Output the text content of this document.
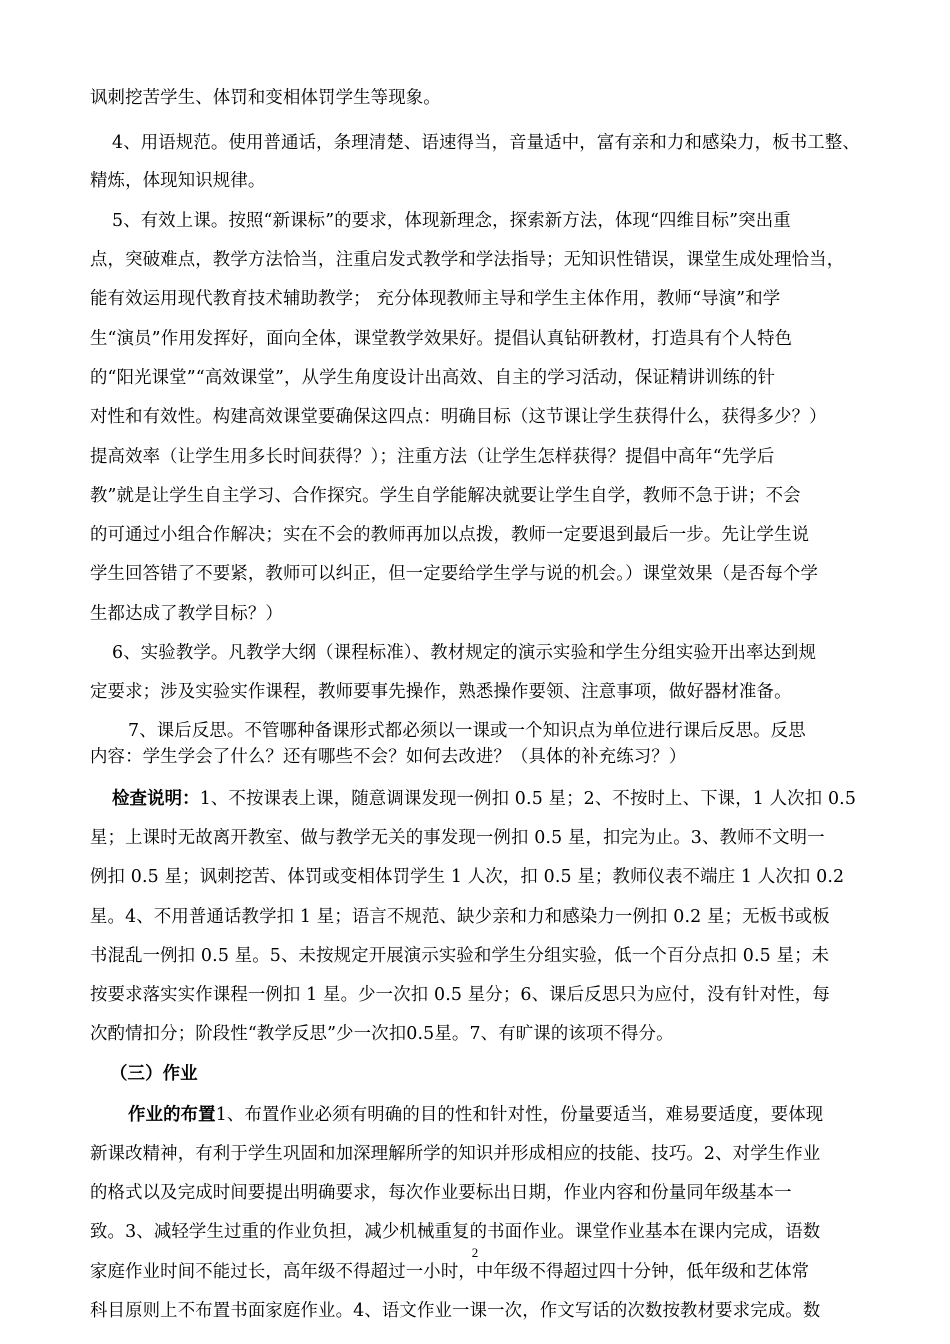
讽刺挖苦学生、体罚和变相体罚学生等现象。
4、用语规范。使用普通话，条理清楚、语速得当，音量适中，富有亲和力和感染力，板书工整、
精炼，体现知识规律。
5、有效上课。按照“新课标”的要求，体现新理念，探索新方法，体现“四维目标”突出重
点，突破难点，教学方法恰当，注重启发式教学和学法指导；无知识性错误，课堂生成处理恰当，
能有效运用现代教育技术辅助教学； 充分体现教师主导和学生主体作用，教师“导演”和学
生“演员”作用发挥好，面向全体，课堂教学效果好。提倡认真钻研教材，打造具有个人特色
的“阳光课堂”“高效课堂”，从学生角度设计出高效、自主的学习活动，保证精讲训练的针
对性和有效性。构建高效课堂要确保这四点：明确目标（这节课让学生获得什么，获得多少？）
提高效率（让学生用多长时间获得？）；注重方法（让学生怎样获得？提倡中高年“先学后
教”就是让学生自主学习、合作探究。学生自学能解决就要让学生自学，教师不急于讲；不会
的可通过小组合作解决；实在不会的教师再加以点拨，教师一定要退到最后一步。先让学生说
学生回答错了不要紧，教师可以纠正，但一定要给学生学与说的机会。）课堂效果（是否每个学
生都达成了教学目标？）
6、实验教学。凡教学大纲（课程标准）、教材规定的演示实验和学生分组实验开出率达到规
定要求；涉及实验实作课程，教师要事先操作，熟悉操作要领、注意事项，做好器材准备。
7、课后反思。不管哪种备课形式都必须以一课或一个知识点为单位进行课后反思。反思
内容：学生学会了什么？还有哪些不会？如何去改进？（具体的补充练习？）
检查说明：1、不按课表上课，随意调课发现一例扣 0.5 星；2、不按时上、下课，1 人次扣 0.5
星；上课时无故离开教室、做与教学无关的事发现一例扣 0.5 星，扣完为止。3、教师不文明一
例扣 0.5 星；讽刺挖苦、体罚或变相体罚学生 1 人次，扣 0.5 星；教师仪表不端庄 1 人次扣 0.2
星。4、不用普通话教学扣 1 星；语言不规范、缺少亲和力和感染力一例扣 0.2 星；无板书或板
书混乱一例扣 0.5 星。5、未按规定开展演示实验和学生分组实验，低一个百分点扣 0.5 星；未
按要求落实实作课程一例扣 1 星。少一次扣 0.5 星分；6、课后反思只为应付，没有针对性，每
次酌情扣分；阶段性“教学反思”少一次扣0.5星。7、有旷课的该项不得分。
（三）作业
作业的布置1、布置作业必须有明确的目的性和针对性，份量要适当，难易要适度，要体现
新课改精神，有利于学生巩固和加深理解所学的知识并形成相应的技能、技巧。2、对学生作业
的格式以及完成时间要提出明确要求，每次作业要标出日期，作业内容和份量同年级基本一
致。3、减轻学生过重的作业负担，减少机械重复的书面作业。课堂作业基本在课内完成，语数
家庭作业时间不能过长，高年级不得超过一小时，中年级不得超过四十分钟，低年级和艺体常
科目原则上不布置书面家庭作业。4、语文作业一课一次，作文写话的次数按教材要求完成。数
2
